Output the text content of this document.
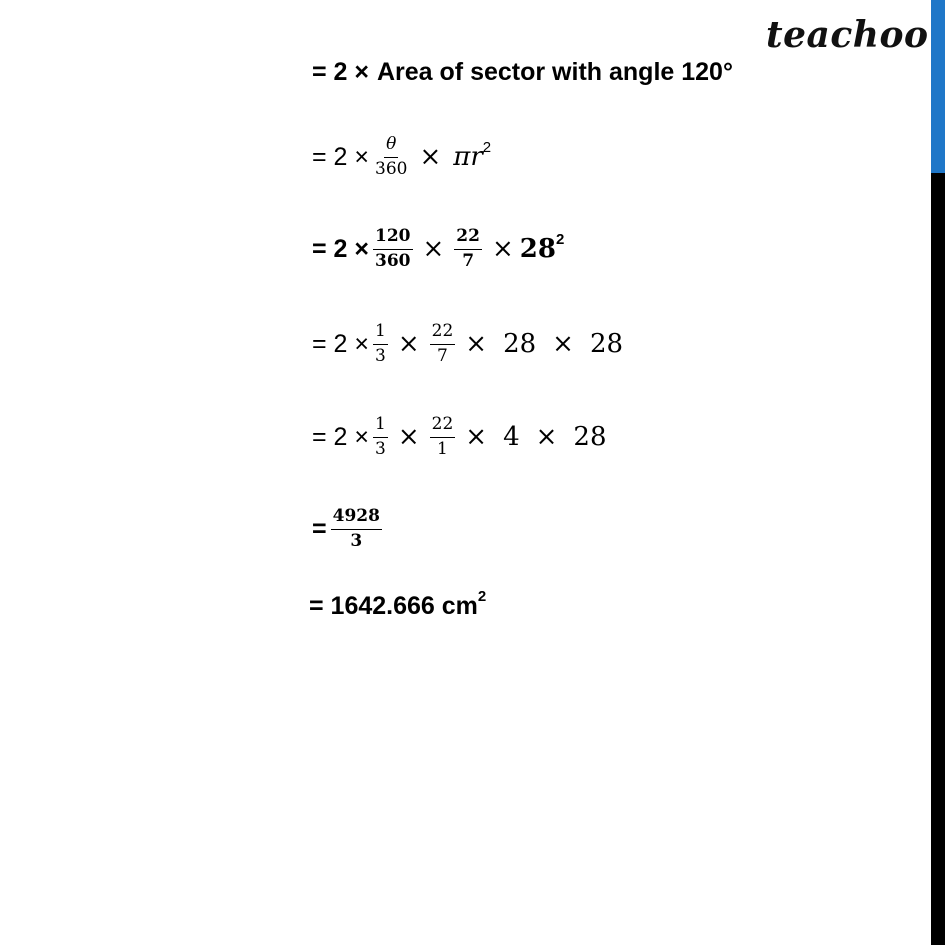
teachoo
= 2 × Area of sector with angle 120°
= $2 \times \frac{\theta}{360} \times \pi r^2$
= $2 \times \frac{120}{360} \times \frac{22}{7} \times 28^2$
= $2 \times \frac{1}{3} \times \frac{22}{7} \times 28 \times 28$
= $2 \times \frac{1}{3} \times \frac{22}{1} \times 4 \times 28$
= $\frac{4928}{3}$
= 1642.666 $cm^2$
